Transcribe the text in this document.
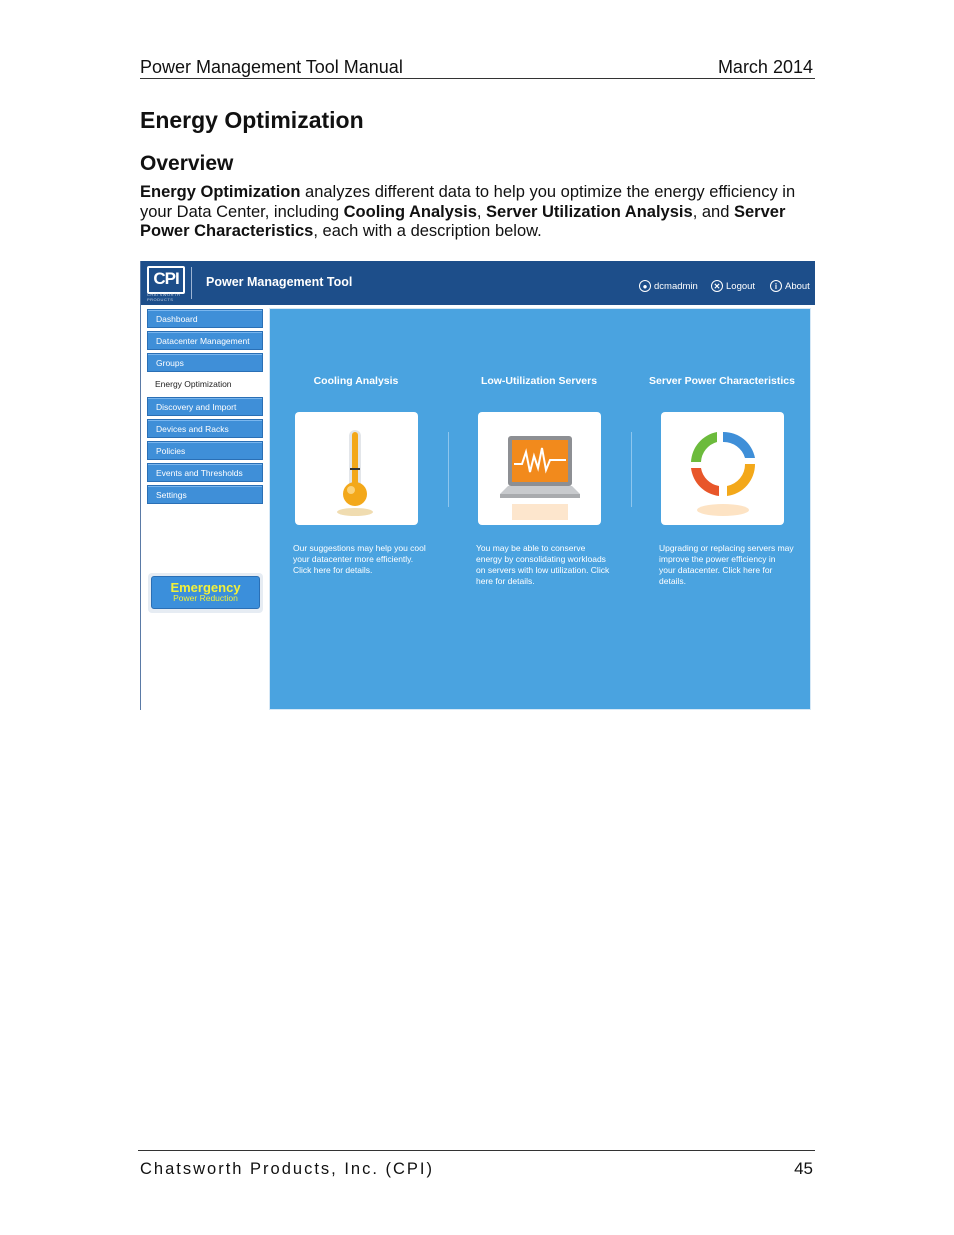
Power Management Tool Manual	March 2014
Energy Optimization
Overview
Energy Optimization analyzes different data to help you optimize the energy efficiency in your Data Center, including Cooling Analysis, Server Utilization Analysis, and Server Power Characteristics, each with a description below.
CPI
CHATSWORTH PRODUCTS
Power Management Tool	● dcmadmin	✕ Logout	i About
Dashboard
Datacenter Management
Groups
Energy Optimization
Discovery and Import
Devices and Racks
Policies
Events and Thresholds
Settings
Emergency
Power Reduction
Cooling Analysis	Low-Utilization Servers	Server Power Characteristics
Our suggestions may help you cool your datacenter more efficiently. Click here for details.
You may be able to conserve energy by consolidating workloads on servers with low utilization. Click here for details.
Upgrading or replacing servers may improve the power efficiency in your datacenter. Click here for details.
Chatsworth Products, Inc. (CPI)	45
